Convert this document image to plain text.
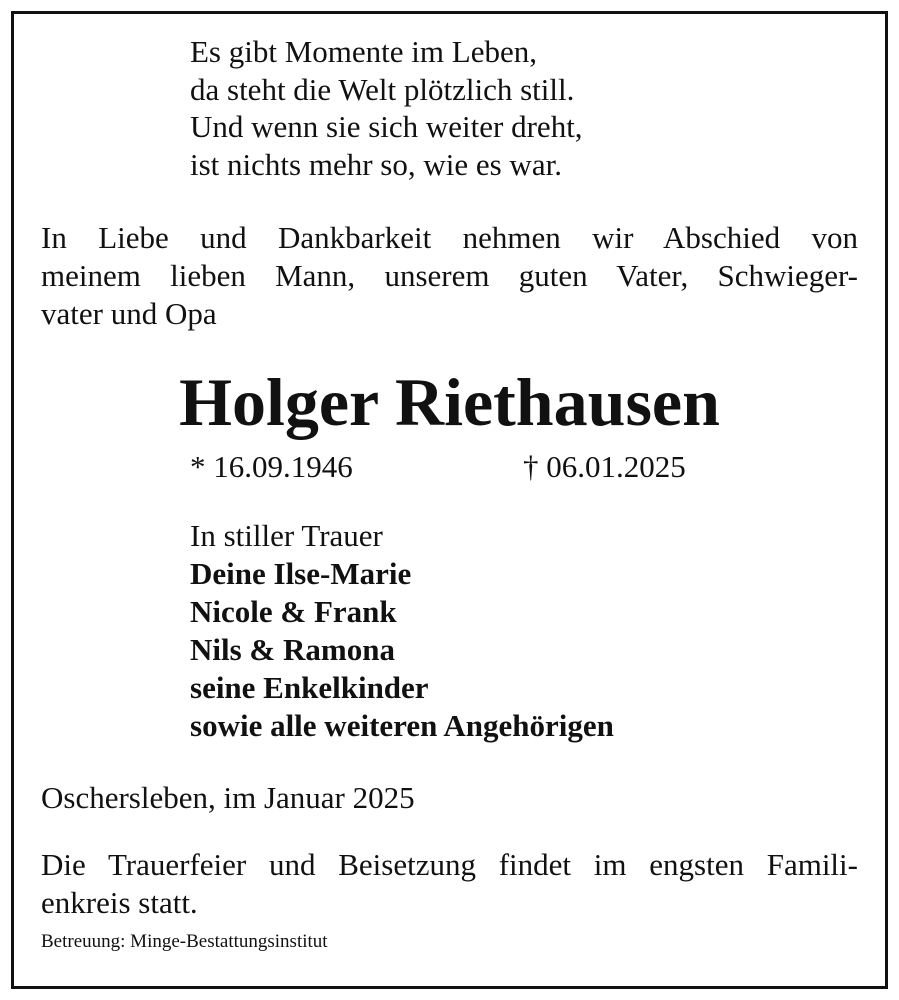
Es gibt Momente im Leben,
da steht die Welt plötzlich still.
Und wenn sie sich weiter dreht,
ist nichts mehr so, wie es war.
In Liebe und Dankbarkeit nehmen wir Abschied von
meinem lieben Mann, unserem guten Vater, Schwieger-
vater und Opa
Holger Riethausen
* 16.09.1946	† 06.01.2025
In stiller Trauer
Deine Ilse-Marie
Nicole & Frank
Nils & Ramona
seine Enkelkinder
sowie alle weiteren Angehörigen
Oschersleben, im Januar 2025
Die Trauerfeier und Beisetzung findet im engsten Famili-
enkreis statt.
Betreuung: Minge-Bestattungsinstitut
